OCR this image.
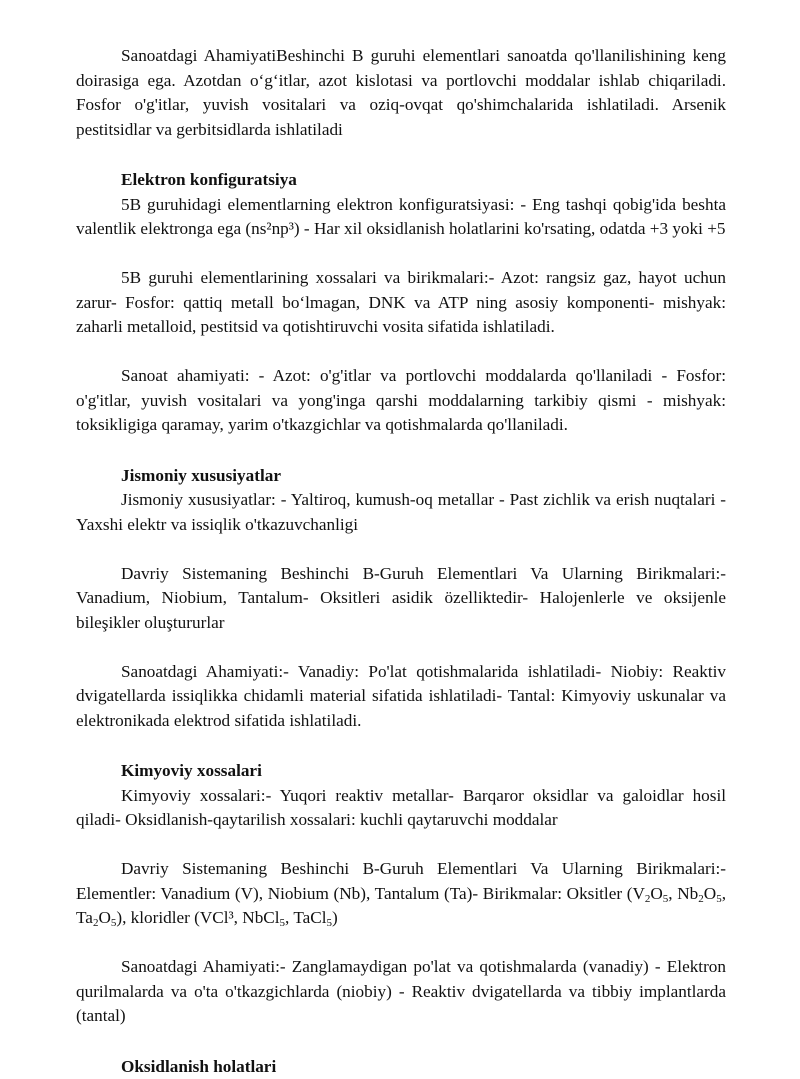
Sanoatdagi AhamiyatiBeshinchi B guruhi elementlari sanoatda qo'llanilishining keng doirasiga ega. Azotdan o‘g‘itlar, azot kislotasi va portlovchi moddalar ishlab chiqariladi. Fosfor o'g'itlar, yuvish vositalari va oziq-ovqat qo'shimchalarida ishlatiladi. Arsenik pestitsidlar va gerbitsidlarda ishlatiladi

Elektron konfiguratsiya

5B guruhidagi elementlarning elektron konfiguratsiyasi: - Eng tashqi qobig'ida beshta valentlik elektronga ega (ns²np³) - Har xil oksidlanish holatlarini ko'rsating, odatda +3 yoki +5

5B guruhi elementlarining xossalari va birikmalari:- Azot: rangsiz gaz, hayot uchun zarur- Fosfor: qattiq metall bo‘lmagan, DNK va ATP ning asosiy komponenti- mishyak: zaharli metalloid, pestitsid va qotishtiruvchi vosita sifatida ishlatiladi.

Sanoat ahamiyati: - Azot: o'g'itlar va portlovchi moddalarda qo'llaniladi - Fosfor: o'g'itlar, yuvish vositalari va yong'inga qarshi moddalarning tarkibiy qismi - mishyak: toksikligiga qaramay, yarim o'tkazgichlar va qotishmalarda qo'llaniladi.

Jismoniy xususiyatlar

Jismoniy xususiyatlar: - Yaltiroq, kumush-oq metallar - Past zichlik va erish nuqtalari - Yaxshi elektr va issiqlik o'tkazuvchanligi

Davriy Sistemaning Beshinchi B-Guruh Elementlari Va Ularning Birikmalari:- Vanadium, Niobium, Tantalum- Oksitleri asidik özelliktedir- Halojenlerle ve oksijenle bileşikler oluştururlar

Sanoatdagi Ahamiyati:- Vanadiy: Po'lat qotishmalarida ishlatiladi- Niobiy: Reaktiv dvigatellarda issiqlikka chidamli material sifatida ishlatiladi- Tantal: Kimyoviy uskunalar va elektronikada elektrod sifatida ishlatiladi.

Kimyoviy xossalari

Kimyoviy xossalari:- Yuqori reaktiv metallar- Barqaror oksidlar va galoidlar hosil qiladi- Oksidlanish-qaytarilish xossalari: kuchli qaytaruvchi moddalar

Davriy Sistemaning Beshinchi B-Guruh Elementlari Va Ularning Birikmalari:- Elementler: Vanadium (V), Niobium (Nb), Tantalum (Ta)- Birikmalar: Oksitler ($V_2O_5$, $Nb_2O_5$, $Ta_2O_5$), kloridler (VCl³, NbCl$_5$, TaCl$_5$)

Sanoatdagi Ahamiyati:- Zanglamaydigan po'lat va qotishmalarda (vanadiy) - Elektron qurilmalarda va o'ta o'tkazgichlarda (niobiy) - Reaktiv dvigatellarda va tibbiy implantlarda (tantal)

Oksidlanish holatlari
